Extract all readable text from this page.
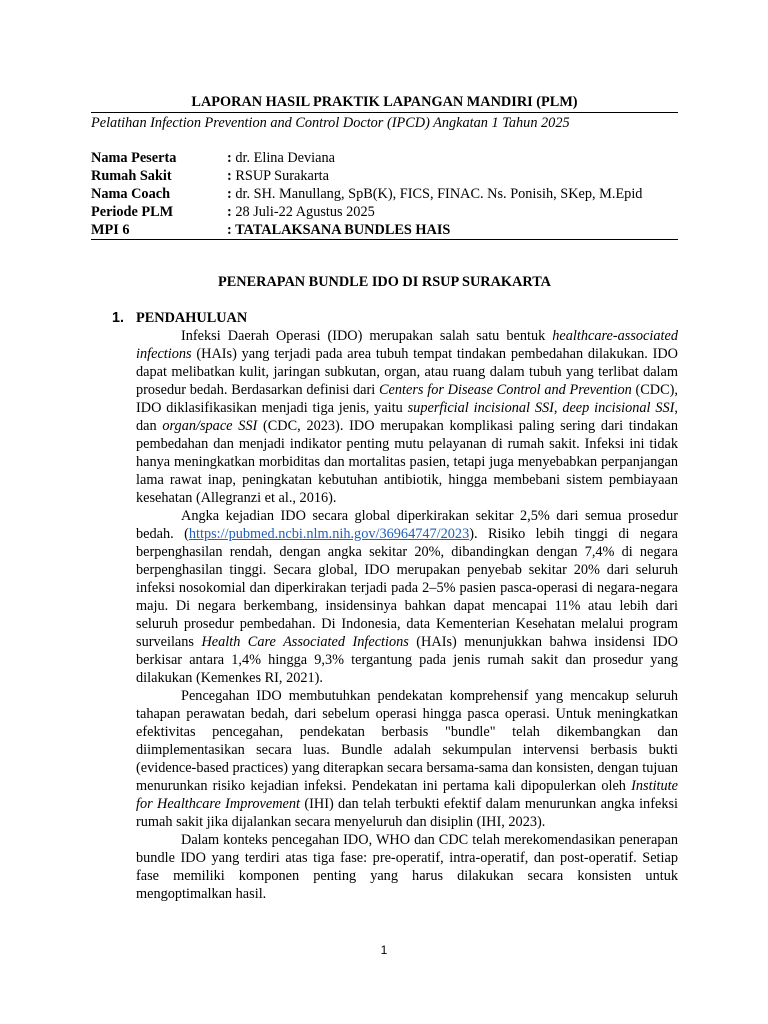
LAPORAN HASIL PRAKTIK LAPANGAN MANDIRI (PLM)
Pelatihan Infection Prevention and Control Doctor (IPCD) Angkatan 1 Tahun 2025
Nama Peserta	: dr. Elina Deviana
Rumah Sakit	: RSUP Surakarta
Nama Coach	: dr. SH. Manullang, SpB(K), FICS, FINAC. Ns. Ponisih, SKep, M.Epid
Periode PLM	: 28 Juli-22 Agustus 2025
MPI 6	: TATALAKSANA BUNDLES HAIS
PENERAPAN BUNDLE IDO DI RSUP SURAKARTA
1. PENDAHULUAN

Infeksi Daerah Operasi (IDO) merupakan salah satu bentuk healthcare-associated infections (HAIs) yang terjadi pada area tubuh tempat tindakan pembedahan dilakukan. IDO dapat melibatkan kulit, jaringan subkutan, organ, atau ruang dalam tubuh yang terlibat dalam prosedur bedah. Berdasarkan definisi dari Centers for Disease Control and Prevention (CDC), IDO diklasifikasikan menjadi tiga jenis, yaitu superficial incisional SSI, deep incisional SSI, dan organ/space SSI (CDC, 2023). IDO merupakan komplikasi paling sering dari tindakan pembedahan dan menjadi indikator penting mutu pelayanan di rumah sakit. Infeksi ini tidak hanya meningkatkan morbiditas dan mortalitas pasien, tetapi juga menyebabkan perpanjangan lama rawat inap, peningkatan kebutuhan antibiotik, hingga membebani sistem pembiayaan kesehatan (Allegranzi et al., 2016).

Angka kejadian IDO secara global diperkirakan sekitar 2,5% dari semua prosedur bedah. (https://pubmed.ncbi.nlm.nih.gov/36964747/2023). Risiko lebih tinggi di negara berpenghasilan rendah, dengan angka sekitar 20%, dibandingkan dengan 7,4% di negara berpenghasilan tinggi. Secara global, IDO merupakan penyebab sekitar 20% dari seluruh infeksi nosokomial dan diperkirakan terjadi pada 2–5% pasien pasca-operasi di negara-negara maju. Di negara berkembang, insidensinya bahkan dapat mencapai 11% atau lebih dari seluruh prosedur pembedahan. Di Indonesia, data Kementerian Kesehatan melalui program surveilans Health Care Associated Infections (HAIs) menunjukkan bahwa insidensi IDO berkisar antara 1,4% hingga 9,3% tergantung pada jenis rumah sakit dan prosedur yang dilakukan (Kemenkes RI, 2021).

Pencegahan IDO membutuhkan pendekatan komprehensif yang mencakup seluruh tahapan perawatan bedah, dari sebelum operasi hingga pasca operasi. Untuk meningkatkan efektivitas pencegahan, pendekatan berbasis "bundle" telah dikembangkan dan diimplementasikan secara luas. Bundle adalah sekumpulan intervensi berbasis bukti (evidence-based practices) yang diterapkan secara bersama-sama dan konsisten, dengan tujuan menurunkan risiko kejadian infeksi. Pendekatan ini pertama kali dipopulerkan oleh Institute for Healthcare Improvement (IHI) dan telah terbukti efektif dalam menurunkan angka infeksi rumah sakit jika dijalankan secara menyeluruh dan disiplin (IHI, 2023).

Dalam konteks pencegahan IDO, WHO dan CDC telah merekomendasikan penerapan bundle IDO yang terdiri atas tiga fase: pre-operatif, intra-operatif, dan post-operatif. Setiap fase memiliki komponen penting yang harus dilakukan secara konsisten untuk mengoptimalkan hasil.

1
